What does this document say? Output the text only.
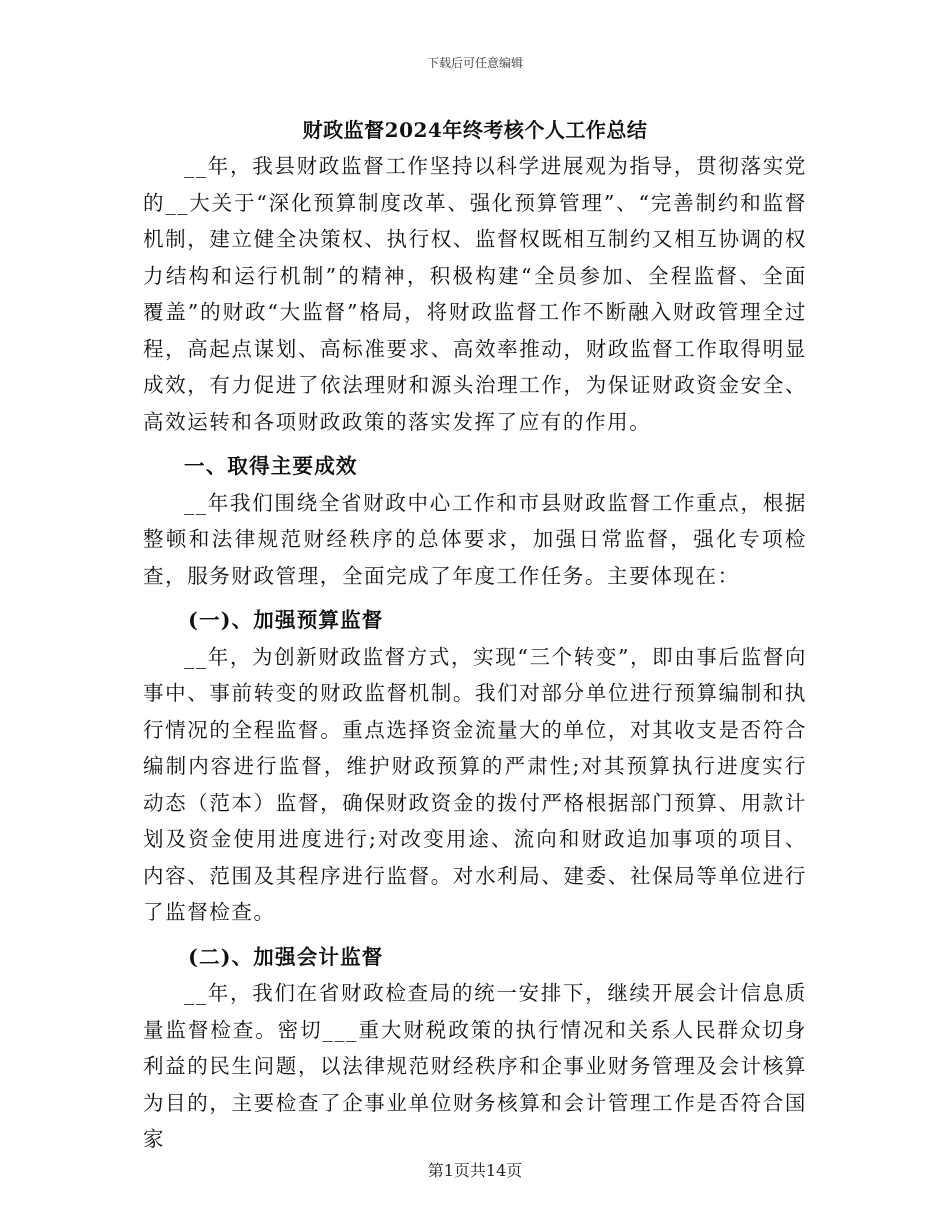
下载后可任意编辑
财政监督2024年终考核个人工作总结

__年，我县财政监督工作坚持以科学进展观为指导，贯彻落实党的__大关于“深化预算制度改革、强化预算管理”、“完善制约和监督机制，建立健全决策权、执行权、监督权既相互制约又相互协调的权力结构和运行机制”的精神，积极构建“全员参加、全程监督、全面覆盖”的财政“大监督”格局，将财政监督工作不断融入财政管理全过程，高起点谋划、高标准要求、高效率推动，财政监督工作取得明显成效，有力促进了依法理财和源头治理工作，为保证财政资金安全、高效运转和各项财政政策的落实发挥了应有的作用。

一、取得主要成效

__年我们围绕全省财政中心工作和市县财政监督工作重点，根据整顿和法律规范财经秩序的总体要求，加强日常监督，强化专项检查，服务财政管理，全面完成了年度工作任务。主要体现在：

(一)、加强预算监督

__年，为创新财政监督方式，实现“三个转变”，即由事后监督向事中、事前转变的财政监督机制。我们对部分单位进行预算编制和执行情况的全程监督。重点选择资金流量大的单位，对其收支是否符合编制内容进行监督，维护财政预算的严肃性;对其预算执行进度实行动态（范本）监督，确保财政资金的拨付严格根据部门预算、用款计划及资金使用进度进行;对改变用途、流向和财政追加事项的项目、内容、范围及其程序进行监督。对水利局、建委、社保局等单位进行了监督检查。

(二)、加强会计监督

__年，我们在省财政检查局的统一安排下，继续开展会计信息质量监督检查。密切___重大财税政策的执行情况和关系人民群众切身利益的民生问题，以法律规范财经秩序和企事业财务管理及会计核算为目的，主要检查了企事业单位财务核算和会计管理工作是否符合国家

第1页共14页
